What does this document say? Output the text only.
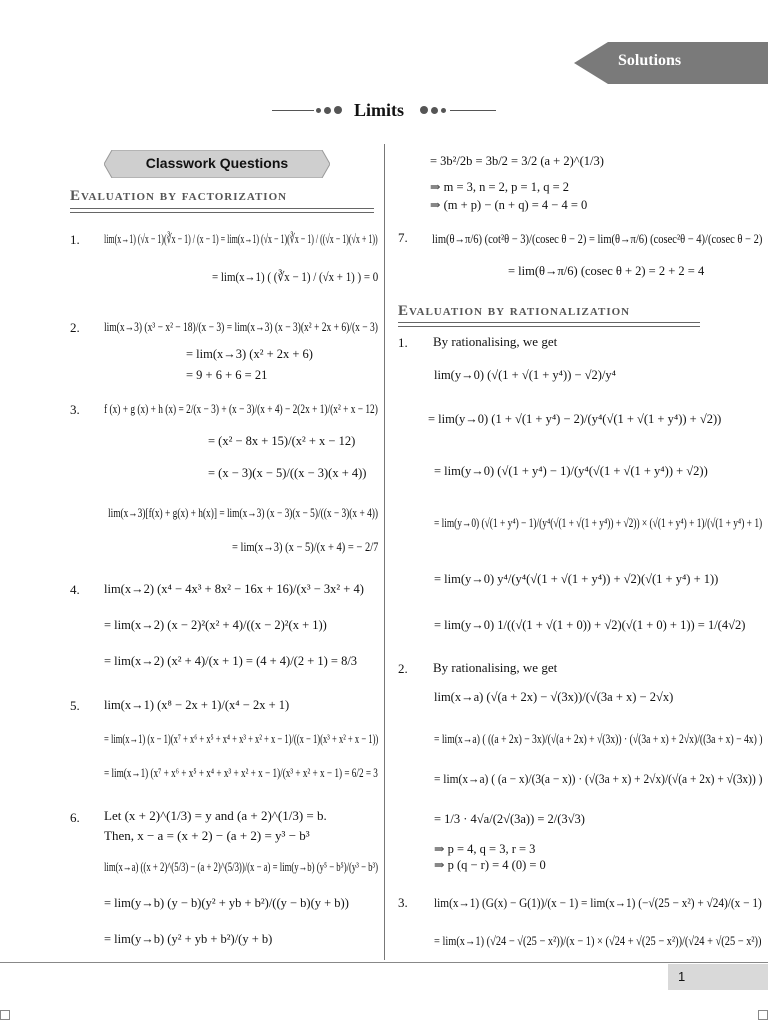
Solutions
Limits
Classwork Questions
Evaluation by factorization
1. lim(x→1) (√x − 1)(∛x − 1) / (x − 1) = lim(x→1) (√x − 1)(∛x − 1) / ((√x − 1)(√x + 1))
= lim(x→1) ( (∛x − 1) / (√x + 1) ) = 0
2. lim(x→3) (x³ − x² − 18)/(x − 3) = lim(x→3) (x − 3)(x² + 2x + 6)/(x − 3)
= lim(x→3) (x² + 2x + 6)
= 9 + 6 + 6 = 21
3. f (x) + g (x) + h (x) = 2/(x − 3) + (x − 3)/(x + 4) − 2(2x + 1)/(x² + x − 12)
= (x² − 8x + 15)/(x² + x − 12)
= (x − 3)(x − 5)/((x − 3)(x + 4))
lim(x→3)[f(x) + g(x) + h(x)] = lim(x→3) (x − 3)(x − 5)/((x − 3)(x + 4))
= lim(x→3) (x − 5)/(x + 4) = − 2/7
4. lim(x→2) (x⁴ − 4x³ + 8x² − 16x + 16)/(x³ − 3x² + 4)
= lim(x→2) (x − 2)²(x² + 4)/((x − 2)²(x + 1))
= lim(x→2) (x² + 4)/(x + 1) = (4 + 4)/(2 + 1) = 8/3
5. lim(x→1) (x⁸ − 2x + 1)/(x⁴ − 2x + 1)
= lim(x→1) (x − 1)(x⁷ + x⁶ + x⁵ + x⁴ + x³ + x² + x − 1)/((x − 1)(x³ + x² + x − 1))
= lim(x→1) (x⁷ + x⁶ + x⁵ + x⁴ + x³ + x² + x − 1)/(x³ + x² + x − 1) = 6/2 = 3
6. Let (x + 2)^(1/3) = y and (a + 2)^(1/3) = b.
Then, x − a = (x + 2) − (a + 2) = y³ − b³
lim(x→a) ((x + 2)^(5/3) − (a + 2)^(5/3))/(x − a) = lim(y→b) (y⁵ − b⁵)/(y³ − b³)
= lim(y→b) (y − b)(y² + yb + b²)/((y − b)(y + b))
= lim(y→b) (y² + yb + b²)/(y + b)
= 3b²/2b = 3b/2 = 3/2 (a + 2)^(1/3)
⇒ m = 3, n = 2, p = 1, q = 2
⇒ (m + p) − (n + q) = 4 − 4 = 0
7. lim(θ→π/6) (cot²θ − 3)/(cosec θ − 2) = lim(θ→π/6) (cosec²θ − 4)/(cosec θ − 2)
= lim(θ→π/6) (cosec θ + 2) = 2 + 2 = 4
Evaluation by rationalization
1. By rationalising, we get
lim(y→0) (√(1 + √(1 + y⁴)) − √2)/y⁴
= lim(y→0) (1 + √(1 + y⁴) − 2)/(y⁴(√(1 + √(1 + y⁴)) + √2))
= lim(y→0) (√(1 + y⁴) − 1)/(y⁴(√(1 + √(1 + y⁴)) + √2))
= lim(y→0) (√(1 + y⁴) − 1)/(y⁴(√(1 + √(1 + y⁴)) + √2)) × (√(1 + y⁴) + 1)/(√(1 + y⁴) + 1)
= lim(y→0) y⁴/(y⁴(√(1 + √(1 + y⁴)) + √2)(√(1 + y⁴) + 1))
= lim(y→0) 1/((√(1 + √(1 + 0)) + √2)(√(1 + 0) + 1)) = 1/(4√2)
2. By rationalising, we get
lim(x→a) (√(a + 2x) − √(3x))/(√(3a + x) − 2√x)
= lim(x→a) ( ((a + 2x) − 3x)/(√(a + 2x) + √(3x)) · (√(3a + x) + 2√x)/((3a + x) − 4x) )
= lim(x→a) ( (a − x)/(3(a − x)) · (√(3a + x) + 2√x)/(√(a + 2x) + √(3x)) )
= 1/3 · 4√a/(2√(3a)) = 2/(3√3)
⇒ p = 4, q = 3, r = 3
⇒ p (q − r) = 4 (0) = 0
3. lim(x→1) (G(x) − G(1))/(x − 1) = lim(x→1) (−√(25 − x²) + √24)/(x − 1)
= lim(x→1) (√24 − √(25 − x²))/(x − 1) × (√24 + √(25 − x²))/(√24 + √(25 − x²))
1
